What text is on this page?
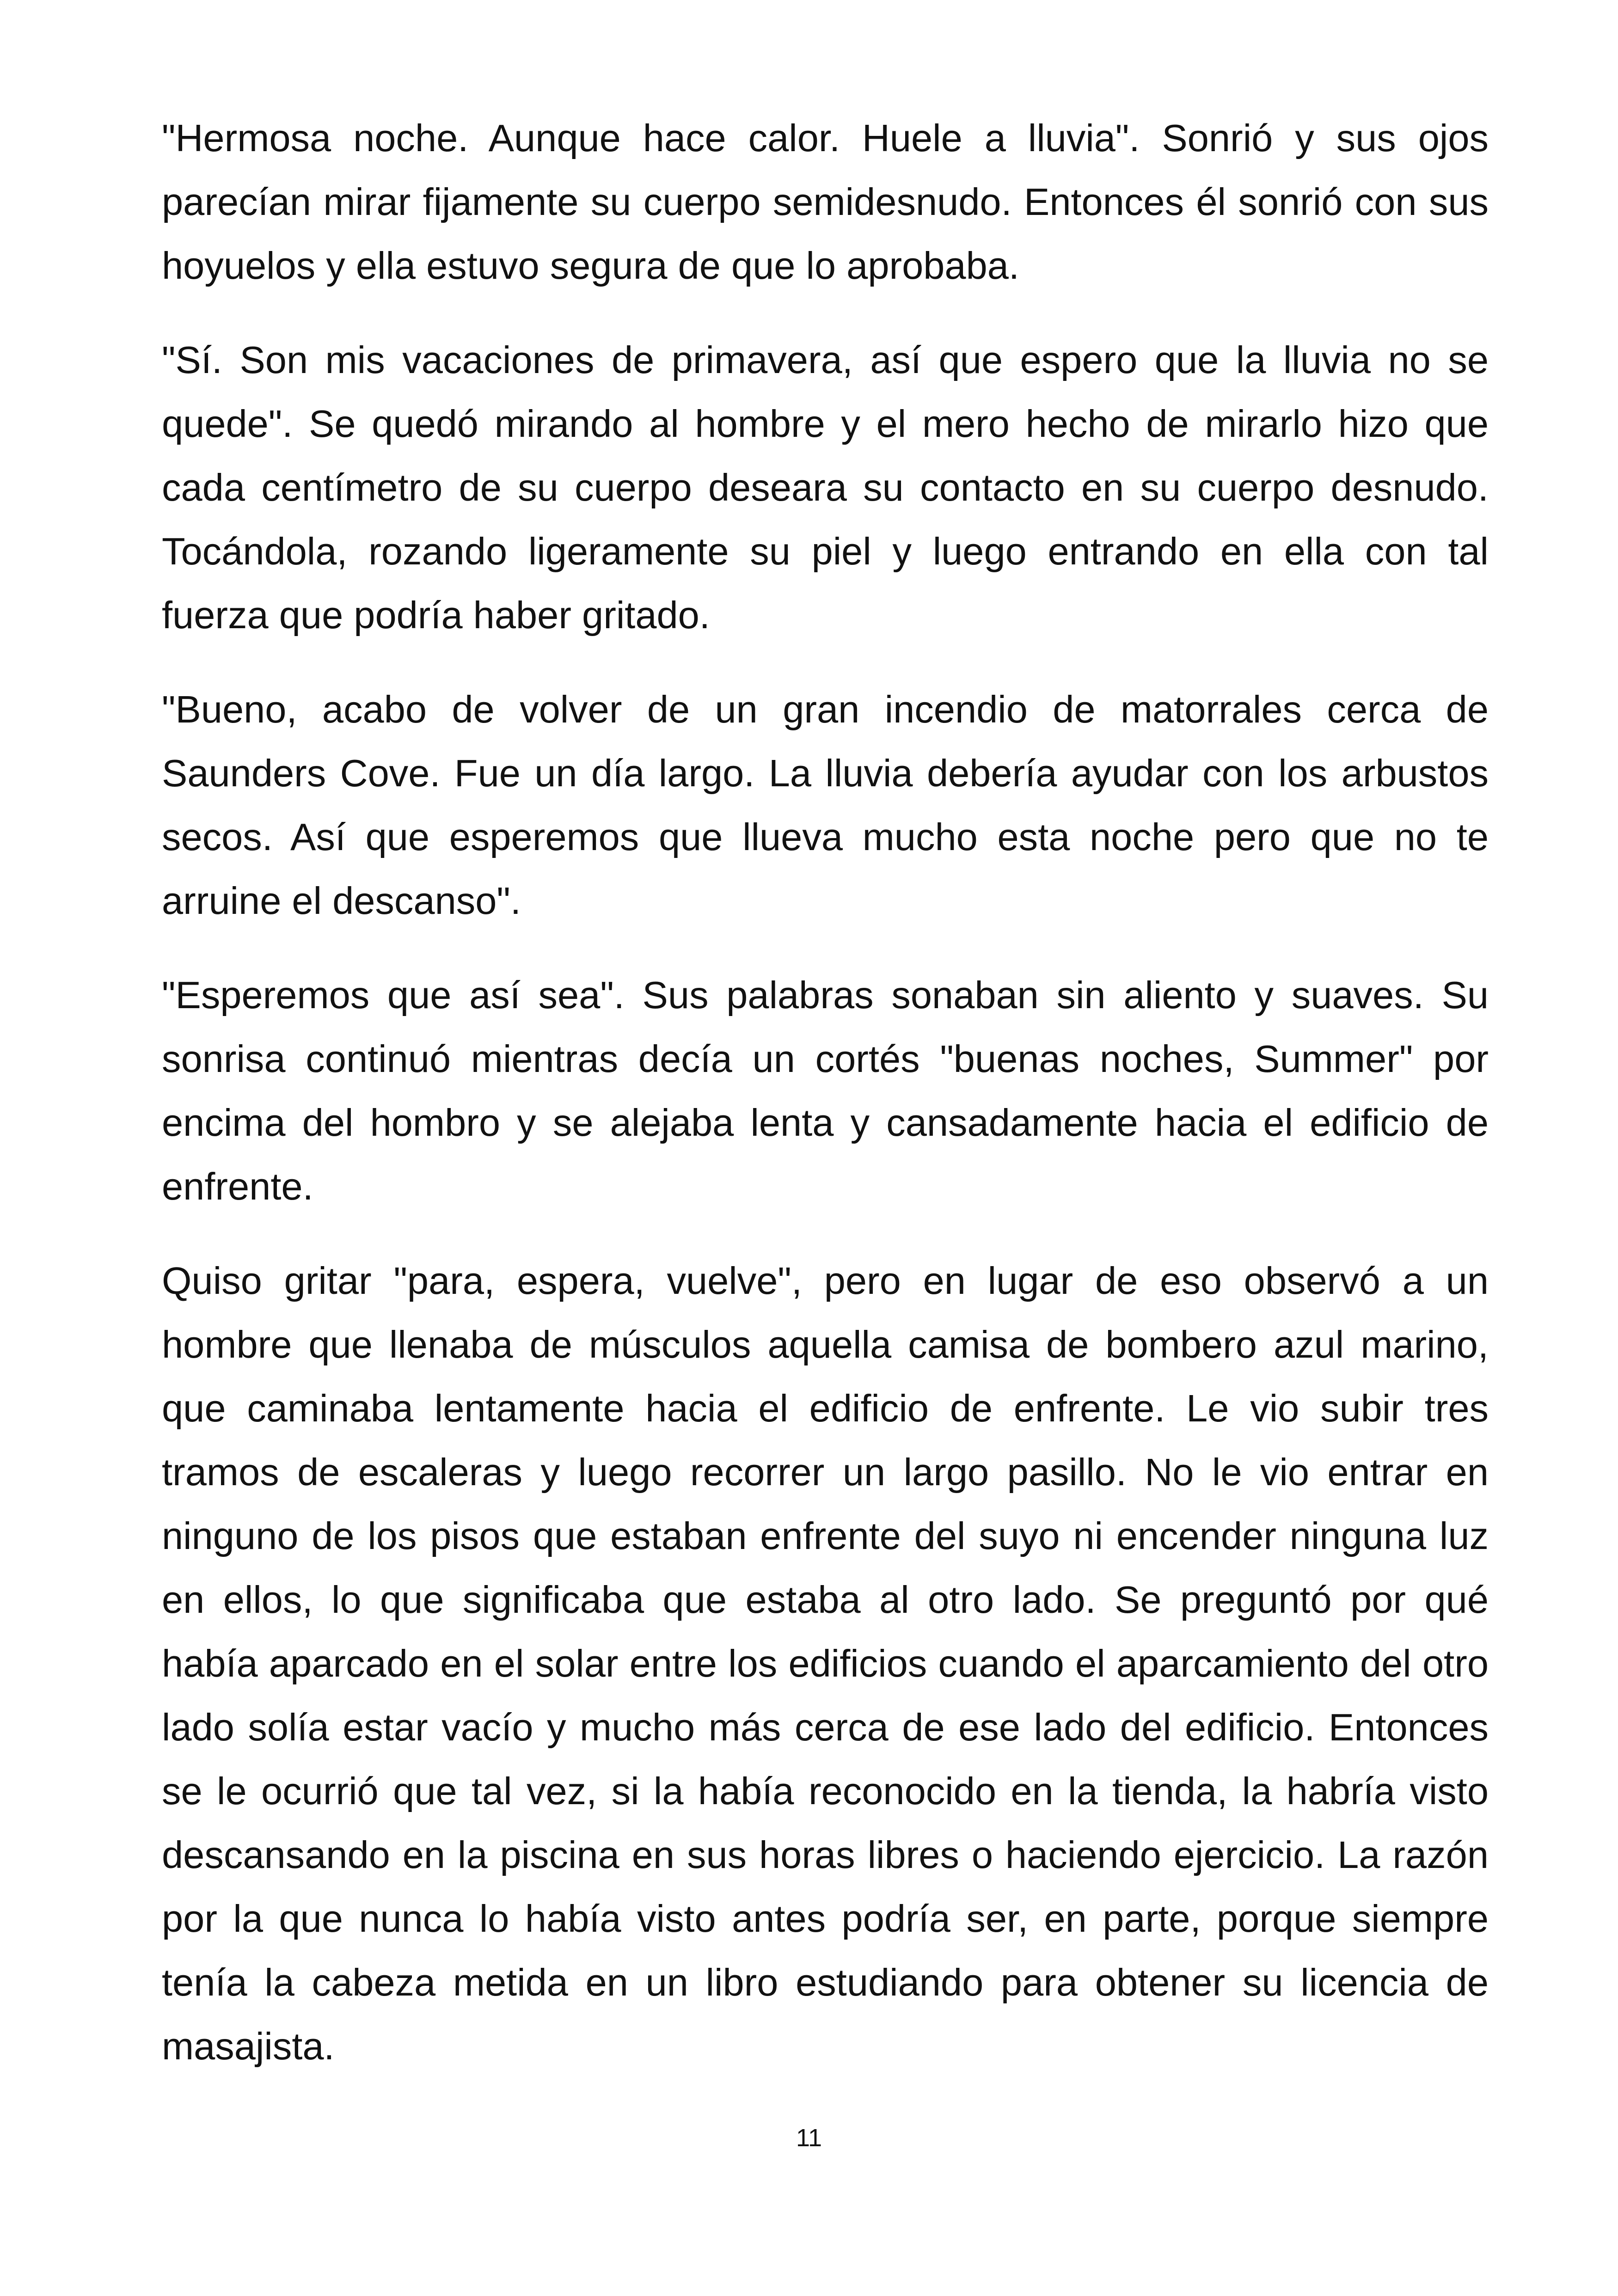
"Hermosa noche. Aunque hace calor. Huele a lluvia". Sonrió y sus ojos parecían mirar fijamente su cuerpo semidesnudo. Entonces él sonrió con sus hoyuelos y ella estuvo segura de que lo aprobaba.

"Sí. Son mis vacaciones de primavera, así que espero que la lluvia no se quede". Se quedó mirando al hombre y el mero hecho de mirarlo hizo que cada centímetro de su cuerpo deseara su contacto en su cuerpo desnudo. Tocándola, rozando ligeramente su piel y luego entrando en ella con tal fuerza que podría haber gritado.

"Bueno, acabo de volver de un gran incendio de matorrales cerca de Saunders Cove. Fue un día largo. La lluvia debería ayudar con los arbustos secos. Así que esperemos que llueva mucho esta noche pero que no te arruine el descanso".

"Esperemos que así sea". Sus palabras sonaban sin aliento y suaves. Su sonrisa continuó mientras decía un cortés "buenas noches, Summer" por encima del hombro y se alejaba lenta y cansadamente hacia el edificio de enfrente.

Quiso gritar "para, espera, vuelve", pero en lugar de eso observó a un hombre que llenaba de músculos aquella camisa de bombero azul marino, que caminaba lentamente hacia el edificio de enfrente. Le vio subir tres tramos de escaleras y luego recorrer un largo pasillo. No le vio entrar en ninguno de los pisos que estaban enfrente del suyo ni encender ninguna luz en ellos, lo que significaba que estaba al otro lado. Se preguntó por qué había aparcado en el solar entre los edificios cuando el aparcamiento del otro lado solía estar vacío y mucho más cerca de ese lado del edificio. Entonces se le ocurrió que tal vez, si la había reconocido en la tienda, la habría visto descansando en la piscina en sus horas libres o haciendo ejercicio. La razón por la que nunca lo había visto antes podría ser, en parte, porque siempre tenía la cabeza metida en un libro estudiando para obtener su licencia de masajista.

11
